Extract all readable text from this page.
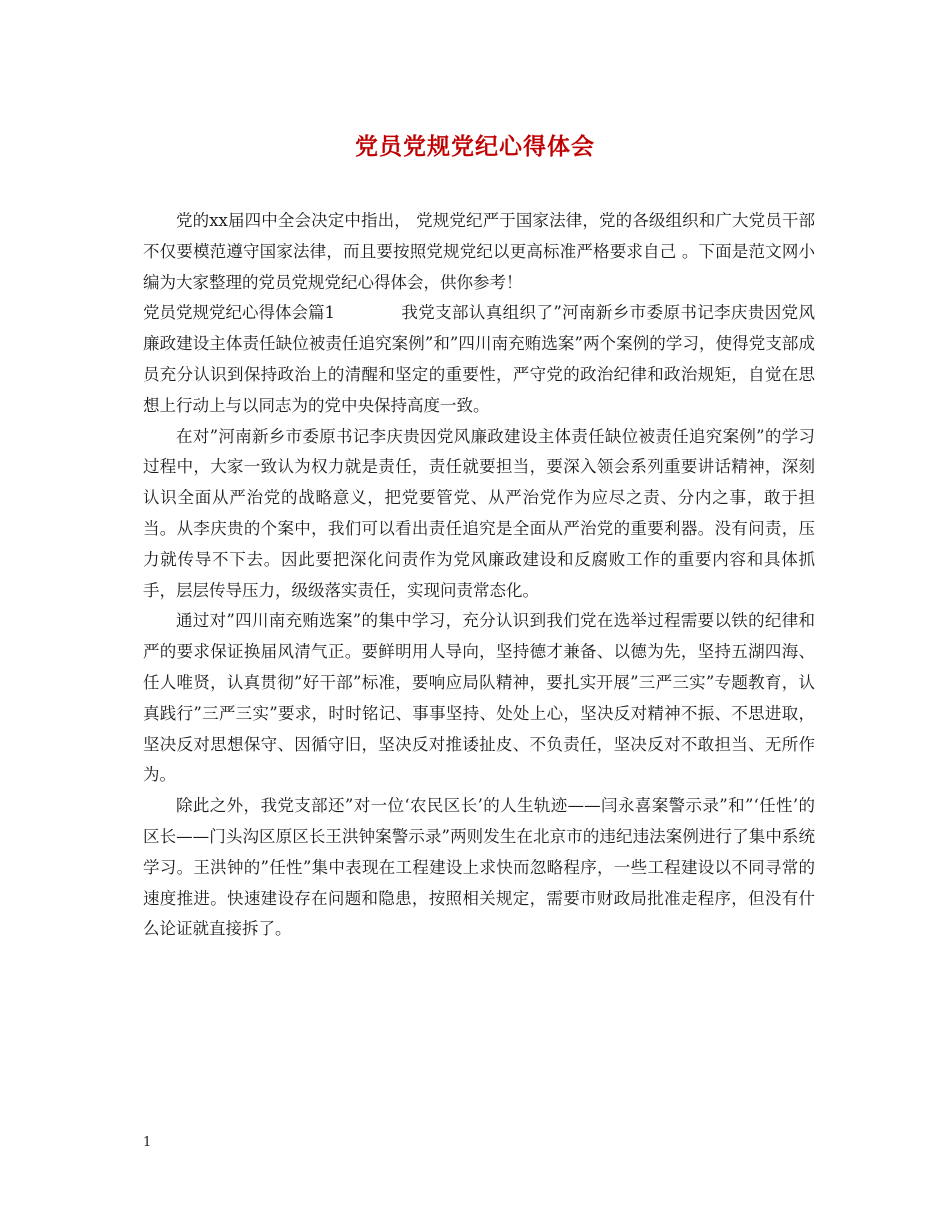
党员党规党纪心得体会

党的xx届四中全会决定中指出， 党规党纪严于国家法律，党的各级组织和广大党员干部不仅要模范遵守国家法律，而且要按照党规党纪以更高标准严格要求自己 。下面是范文网小编为大家整理的党员党规党纪心得体会，供你参考！

党员党规党纪心得体会篇1	我党支部认真组织了”河南新乡市委原书记李庆贵因党风廉政建设主体责任缺位被责任追究案例”和”四川南充贿选案”两个案例的学习，使得党支部成员充分认识到保持政治上的清醒和坚定的重要性，严守党的政治纪律和政治规矩，自觉在思想上行动上与以同志为的党中央保持高度一致。

在对”河南新乡市委原书记李庆贵因党风廉政建设主体责任缺位被责任追究案例”的学习过程中，大家一致认为权力就是责任，责任就要担当，要深入领会系列重要讲话精神，深刻认识全面从严治党的战略意义，把党要管党、从严治党作为应尽之责、分内之事，敢于担当。从李庆贵的个案中，我们可以看出责任追究是全面从严治党的重要利器。没有问责，压力就传导不下去。因此要把深化问责作为党风廉政建设和反腐败工作的重要内容和具体抓手，层层传导压力，级级落实责任，实现问责常态化。

通过对”四川南充贿选案”的集中学习，充分认识到我们党在选举过程需要以铁的纪律和严的要求保证换届风清气正。要鲜明用人导向，坚持德才兼备、以德为先，坚持五湖四海、任人唯贤，认真贯彻”好干部”标准，要响应局队精神，要扎实开展”三严三实”专题教育，认真践行”三严三实”要求，时时铭记、事事坚持、处处上心，坚决反对精神不振、不思进取，坚决反对思想保守、因循守旧，坚决反对推诿扯皮、不负责任，坚决反对不敢担当、无所作为。

除此之外，我党支部还”对一位‘农民区长’的人生轨迹——闫永喜案警示录”和”‘任性’的区长——门头沟区原区长王洪钟案警示录”两则发生在北京市的违纪违法案例进行了集中系统学习。王洪钟的”任性”集中表现在工程建设上求快而忽略程序，一些工程建设以不同寻常的速度推进。快速建设存在问题和隐患，按照相关规定，需要市财政局批准走程序，但没有什么论证就直接拆了。

1
